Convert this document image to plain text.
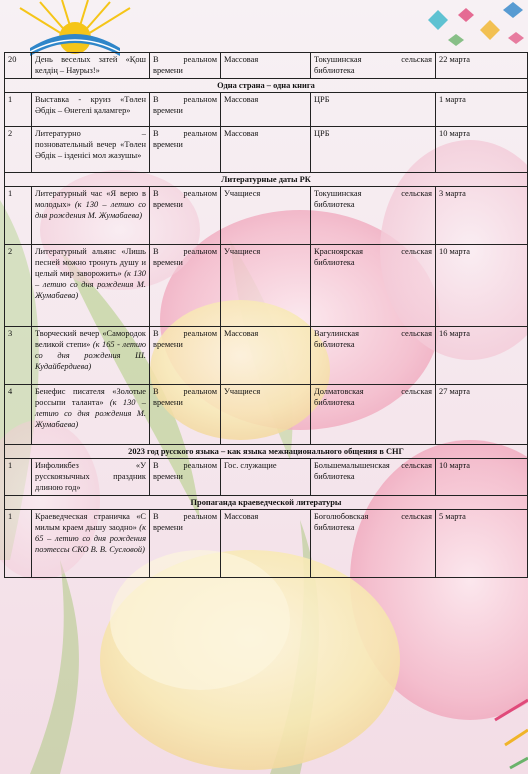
20	День веселых затей «Қош келдің – Наурыз!»	В реальном времени	Массовая	Токушинская сельская библиотека	22 марта
Одна страна – одна книга					
1	Выставка - круиз «Төлен Әбдік – Өнегелі қаламгер»	В реальном времени	Массовая	ЦРБ	1 марта
2	Литературно – позновательный вечер «Төлен Әбдік – ізденісі мол жазушы»	В реальном времени	Массовая	ЦРБ	10 марта
Литературные даты РК					
1	Литературный час «Я верю в молодых» (к 130 – летию со дня рождения М. Жумабаева)	В реальном времени	Учащиеся	Токушинская сельская библиотека	3 марта
2	Литературный альянс «Лишь песней можно тронуть душу и целый мир заворожить» (к 130 – летию со дня рождения М. Жумабаева)	В реальном времени	Учащиеся	Красноярская сельская библиотека	10 марта
3	Творческий вечер «Самородок великой степи» (к 165 - летию со дня рождения Ш. Кудайбердиева)	В реальном времени	Массовая	Вагулинская сельская библиотека	16 марта
4	Бенефис писателя «Золотые россыпи таланта» (к 130 – летию со дня рождения М. Жумабаева)	В реальном времени	Учащиеся	Долматовская сельская библиотека	27 марта
2023 год русского языка – как языка межнационального общения в СНГ					
1	Инфоликбез «У русскоязычных праздник длиною год»	В реальном времени	Гос. служащие	Большемалышенская сельская библиотека	10 марта
Пропаганда краеведческой литературы					
1	Краеведческая страничка «С милым краем дышу заодно» (к 65 – летию со дня рождения поэтессы СКО В. В. Сусловой)	В реальном времени	Массовая	Боголюбовская сельская библиотека	5 марта
